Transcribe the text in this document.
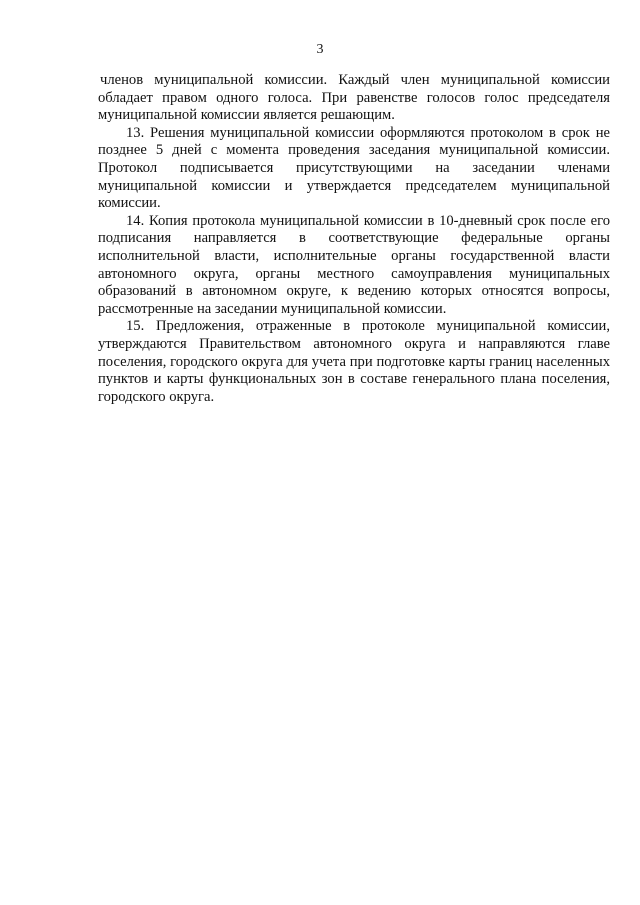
3

членов муниципальной комиссии. Каждый член муниципальной комиссии обладает правом одного голоса. При равенстве голосов голос председателя муниципальной комиссии является решающим.

13. Решения муниципальной комиссии оформляются протоколом в срок не позднее 5 дней с момента проведения заседания муниципальной комиссии. Протокол подписывается присутствующими на заседании членами муниципальной комиссии и утверждается председателем муниципальной комиссии.

14. Копия протокола муниципальной комиссии в 10-дневный срок после его подписания направляется в соответствующие федеральные органы исполнительной власти, исполнительные органы государственной власти автономного округа, органы местного самоуправления муниципальных образований в автономном округе, к ведению которых относятся вопросы, рассмотренные на заседании муниципальной комиссии.

15. Предложения, отраженные в протоколе муниципальной комиссии, утверждаются Правительством автономного округа и направляются главе поселения, городского округа для учета при подготовке карты границ населенных пунктов и карты функциональных зон в составе генерального плана поселения, городского округа.
